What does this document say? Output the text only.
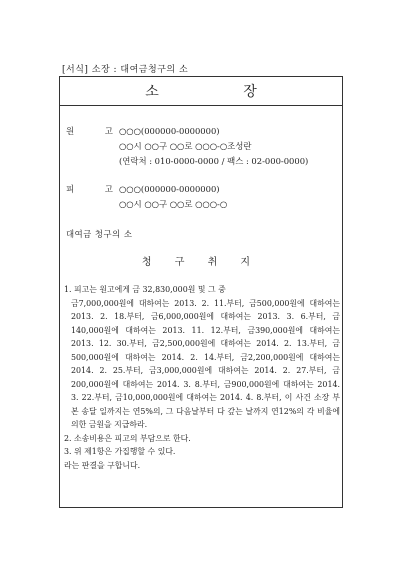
[서식] 소장 : 대여금청구의 소
소 장
원 고
○○○(000000-0000000)
○○시 ○○구 ○○로 ○○○-○조성란
(연락처 : 010-0000-0000 / 팩스 : 02-000-0000)
피 고
○○○(000000-0000000)
○○시 ○○구 ○○로 ○○○-○
대여금 청구의 소
청 구 취 지

1. 피고는 원고에게 금 32,830,000원 및 그 중

금7,000,000원에 대하여는 2013. 2. 11.부터, 금500,000원에 대하여는 2013. 2. 18.부터, 금6,000,000원에 대하여는 2013. 3. 6.부터, 금140,000원에 대하여는 2013. 11. 12.부터, 금390,000원에 대하여는 2013. 12. 30.부터, 금2,500,000원에 대하여는 2014. 2. 13.부터, 금500,000원에 대하여는 2014. 2. 14.부터, 금2,200,000원에 대하여는 2014. 2. 25.부터, 금3,000,000원에 대하여는 2014. 2. 27.부터, 금200,000원에 대하여는 2014. 3. 8.부터, 금900,000원에 대하여는 2014. 3. 22.부터, 금10,000,000원에 대하여는 2014. 4. 8.부터, 이 사건 소장 부본 송달 일까지는 연5%의, 그 다음날부터 다 갚는 날까지 연12%의 각 비율에 의한 금원을 지급하라.

2. 소송비용은 피고의 부담으로 한다.

3. 위 제1항은 가집행할 수 있다.

라는 판결을 구합니다.
